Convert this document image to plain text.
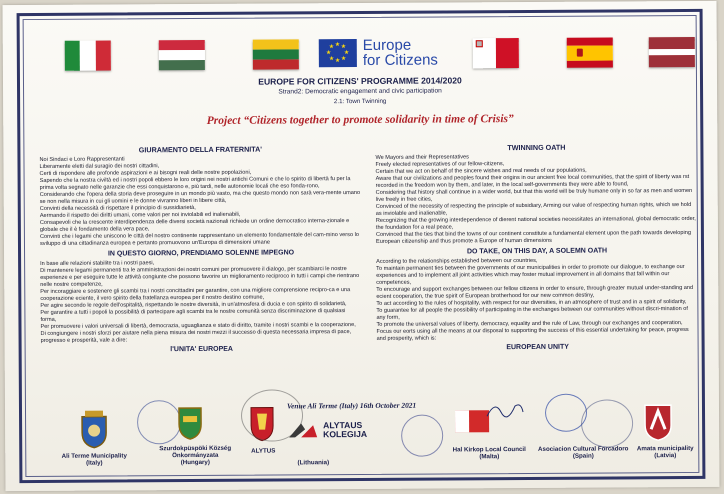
★ ★
★
★
★
★
★
★ Europe
for Citizens
EUROPE FOR CITIZENS' PROGRAMME 2014/2020
Strand2: Democratic engagement and civic participation
2.1: Town Twinning
Project “Citizens together to promote solidarity in time of Crisis”
GIURAMENTO DELLA FRATERNITA'

Noi Sindaci e Loro Rappresentanti

Liberamente eletti dal suragio dei nostri cittadini,

Certi di rispondere alle profonde aspirazioni e ai bisogni reali delle nostre popolazioni,

Sapendo che la nostra civiltà ed i nostri popoli ebbero le loro origini nei nostri antichi Comuni e che lo spirito di libertà fu per la prima volta segnato nelle garanzie che essi conquistarono e, più tardi, nelle autonomie locali che eso fonda-rono,

Considerando che l'opera della storia deve proseguire in un mondo più vasto, ma che questo mondo non sarà vera-mente umano se non nella misura in cui gli uomini e le donne vivranno liberi in libere città,

Convinti della necessità di rispettare il principio di sussidiarietà,

Aermando il rispetto dei diritti umani, come valori per noi inviolabili ed inalienabili,

Consapevoli che la crescente interdipendenza delle diversi società nazionali richiede un ordine democratico interna-zionale e globale che il è fondamento della vera pace,

Convinti che i legami che uniscono le città del nostro continente rappresentano un elemento fondamentale del cam-mino verso lo sviluppo di una cittadinanza europea e pertanto promuovono un'Europa di dimensioni umane

IN QUESTO GIORNO, PRENDIAMO SOLENNE IMPEGNO

In base alle relazioni stabilite tra i nostri paesi,

Di mantenere legami permanenti tra le amministrazioni dei nostri comuni per promuovere il dialogo, per scambiarci le nostre esperienze e per eseguire tutte le attività congiunte che possono favorire un miglioramento reciproco in tutti i campi che rientrano nelle nostre competenze,

Per incoraggiare e sostenere gli scambi tra i nostri concittadini per garantire, con una migliore comprensione recipro-ca e una cooperazione eciente, il vero spirito della fratellanza europea per il nostro destino comune,

Per agire secondo le regole dell'ospitalità, rispettando le nostre diversità, in un'atmosfera di ducia e con spirito di solidarietà,

Per garantire a tutti i popoli la possibilità di partecipare agli scambi tra le nostre comunità senza discriminazione di qualsiasi forma,

Per promuovere i valori universali di libertà, democrazia, uguaglianza e stato di diritto, tramite i nostri scambi e la cooperazione,

Di congiungere i nostri sforzi per aiutare nella piena misura dei nostri mezzi il successo di questa necessaria impresa di pace, progresso e prosperità, vale a dire:

l'UNITA' EUROPEA
TWINNING OATH

We Mayors and their Representatives

Freely elected representatives of our fellow-citizens,

Certain that we act on behalf of the sincere wishes and real needs of our populations,

Aware that our civilizations and peoples found their origins in our ancient free local communities, that the spirit of liberty was rst recorded in the freedom won by them, and later, in the local self-governments they were able to found,

Considering that history shall continue in a wider world, but that this world will be truly humane only in so far as men and women live freely in free cities,

Convinced of the necessity of respecting the principle of subsidiary, Arming our value of respecting human rights, which we hold as inviolable and inalienable,

Recognizing that the growing interdependence of dierent national societies necessitates an international, global democratic order, the foundation for a real peace,

Convinced that the ties that bind the towns of our continent constitute a fundamental element upon the path towards developing European citizenship and thus promote a Europe of human dimensions

DO TAKE, ON THIS DAY, A SOLEMN OATH

According to the relationships established between our countries,

To maintain permanent ties between the governments of our municipalities in order to promote our dialogue, to exchange our experiences and to implement all joint activities which may foster mutual improvement in all domains that fall within our competences,

To encourage and support exchanges between our fellow citizens in order to ensure, through greater mutual under-standing and ecient cooperation, the true spirit of European brotherhood for our new common destiny,

To act according to the rules of hospitality, with respect for our diversities, in an atmosphere of trust and in a spirit of solidarity,

To guarantee for all people the possibility of participating in the exchanges between our communities without discri-mination of any form,

To promote the universal values of liberty, democracy, equality and the rule of Law, through our exchanges and cooperation,

Focus our eorts using all the means at our disposal to supporting the success of this essential undertaking for peace, progress and prosperity, which is:

EUROPEAN UNITY
Venue Ali Terme (Italy) 16th October 2021
ALYTAUS
KOLEGIJA
Ali Terme Municipality
(Italy)
Szurdokpüspöki Község Önkormányzata
(Hungary)
ALYTUS
(Lithuania)
Hal Kirkop Local Council
(Malta)
Asociacion Cultural Forcadoro
(Spain)
Amata municipality
(Latvia)
